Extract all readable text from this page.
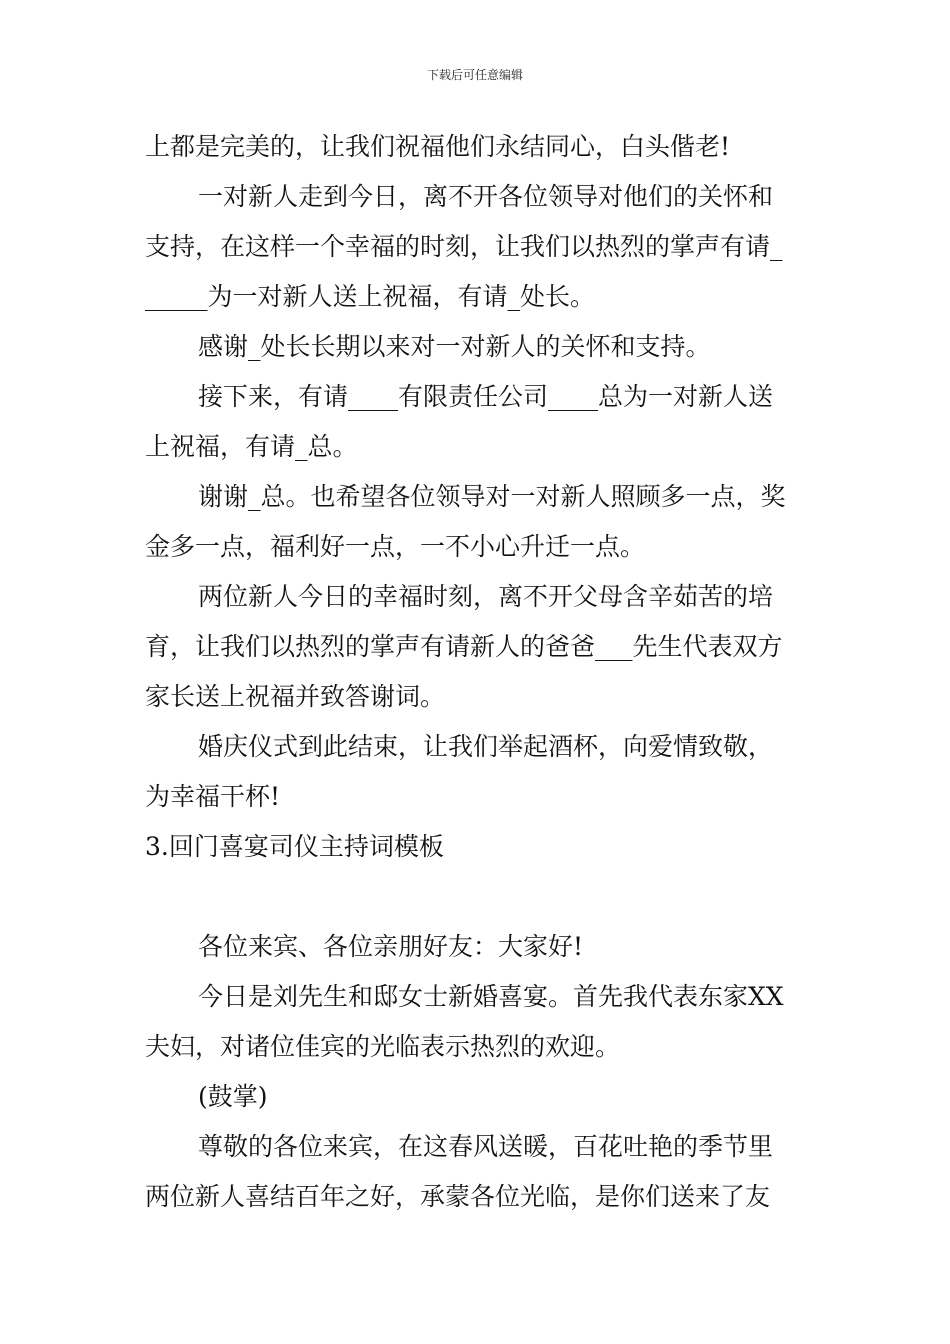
下载后可任意编辑
上都是完美的，让我们祝福他们永结同心，白头偕老!
一对新人走到今日，离不开各位领导对他们的关怀和
支持，在这样一个幸福的时刻，让我们以热烈的掌声有请_
_____为一对新人送上祝福，有请_处长。
感谢_处长长期以来对一对新人的关怀和支持。
接下来，有请____有限责任公司____总为一对新人送
上祝福，有请_总。
谢谢_总。也希望各位领导对一对新人照顾多一点，奖
金多一点，福利好一点，一不小心升迁一点。
两位新人今日的幸福时刻，离不开父母含辛茹苦的培
育，让我们以热烈的掌声有请新人的爸爸___先生代表双方
家长送上祝福并致答谢词。
婚庆仪式到此结束，让我们举起酒杯，向爱情致敬，
为幸福干杯!
3.回门喜宴司仪主持词模板
各位来宾、各位亲朋好友：大家好!
今日是刘先生和邸女士新婚喜宴。首先我代表东家XX
夫妇，对诸位佳宾的光临表示热烈的欢迎。
(鼓掌)
尊敬的各位来宾，在这春风送暖，百花吐艳的季节里
两位新人喜结百年之好，承蒙各位光临，是你们送来了友
